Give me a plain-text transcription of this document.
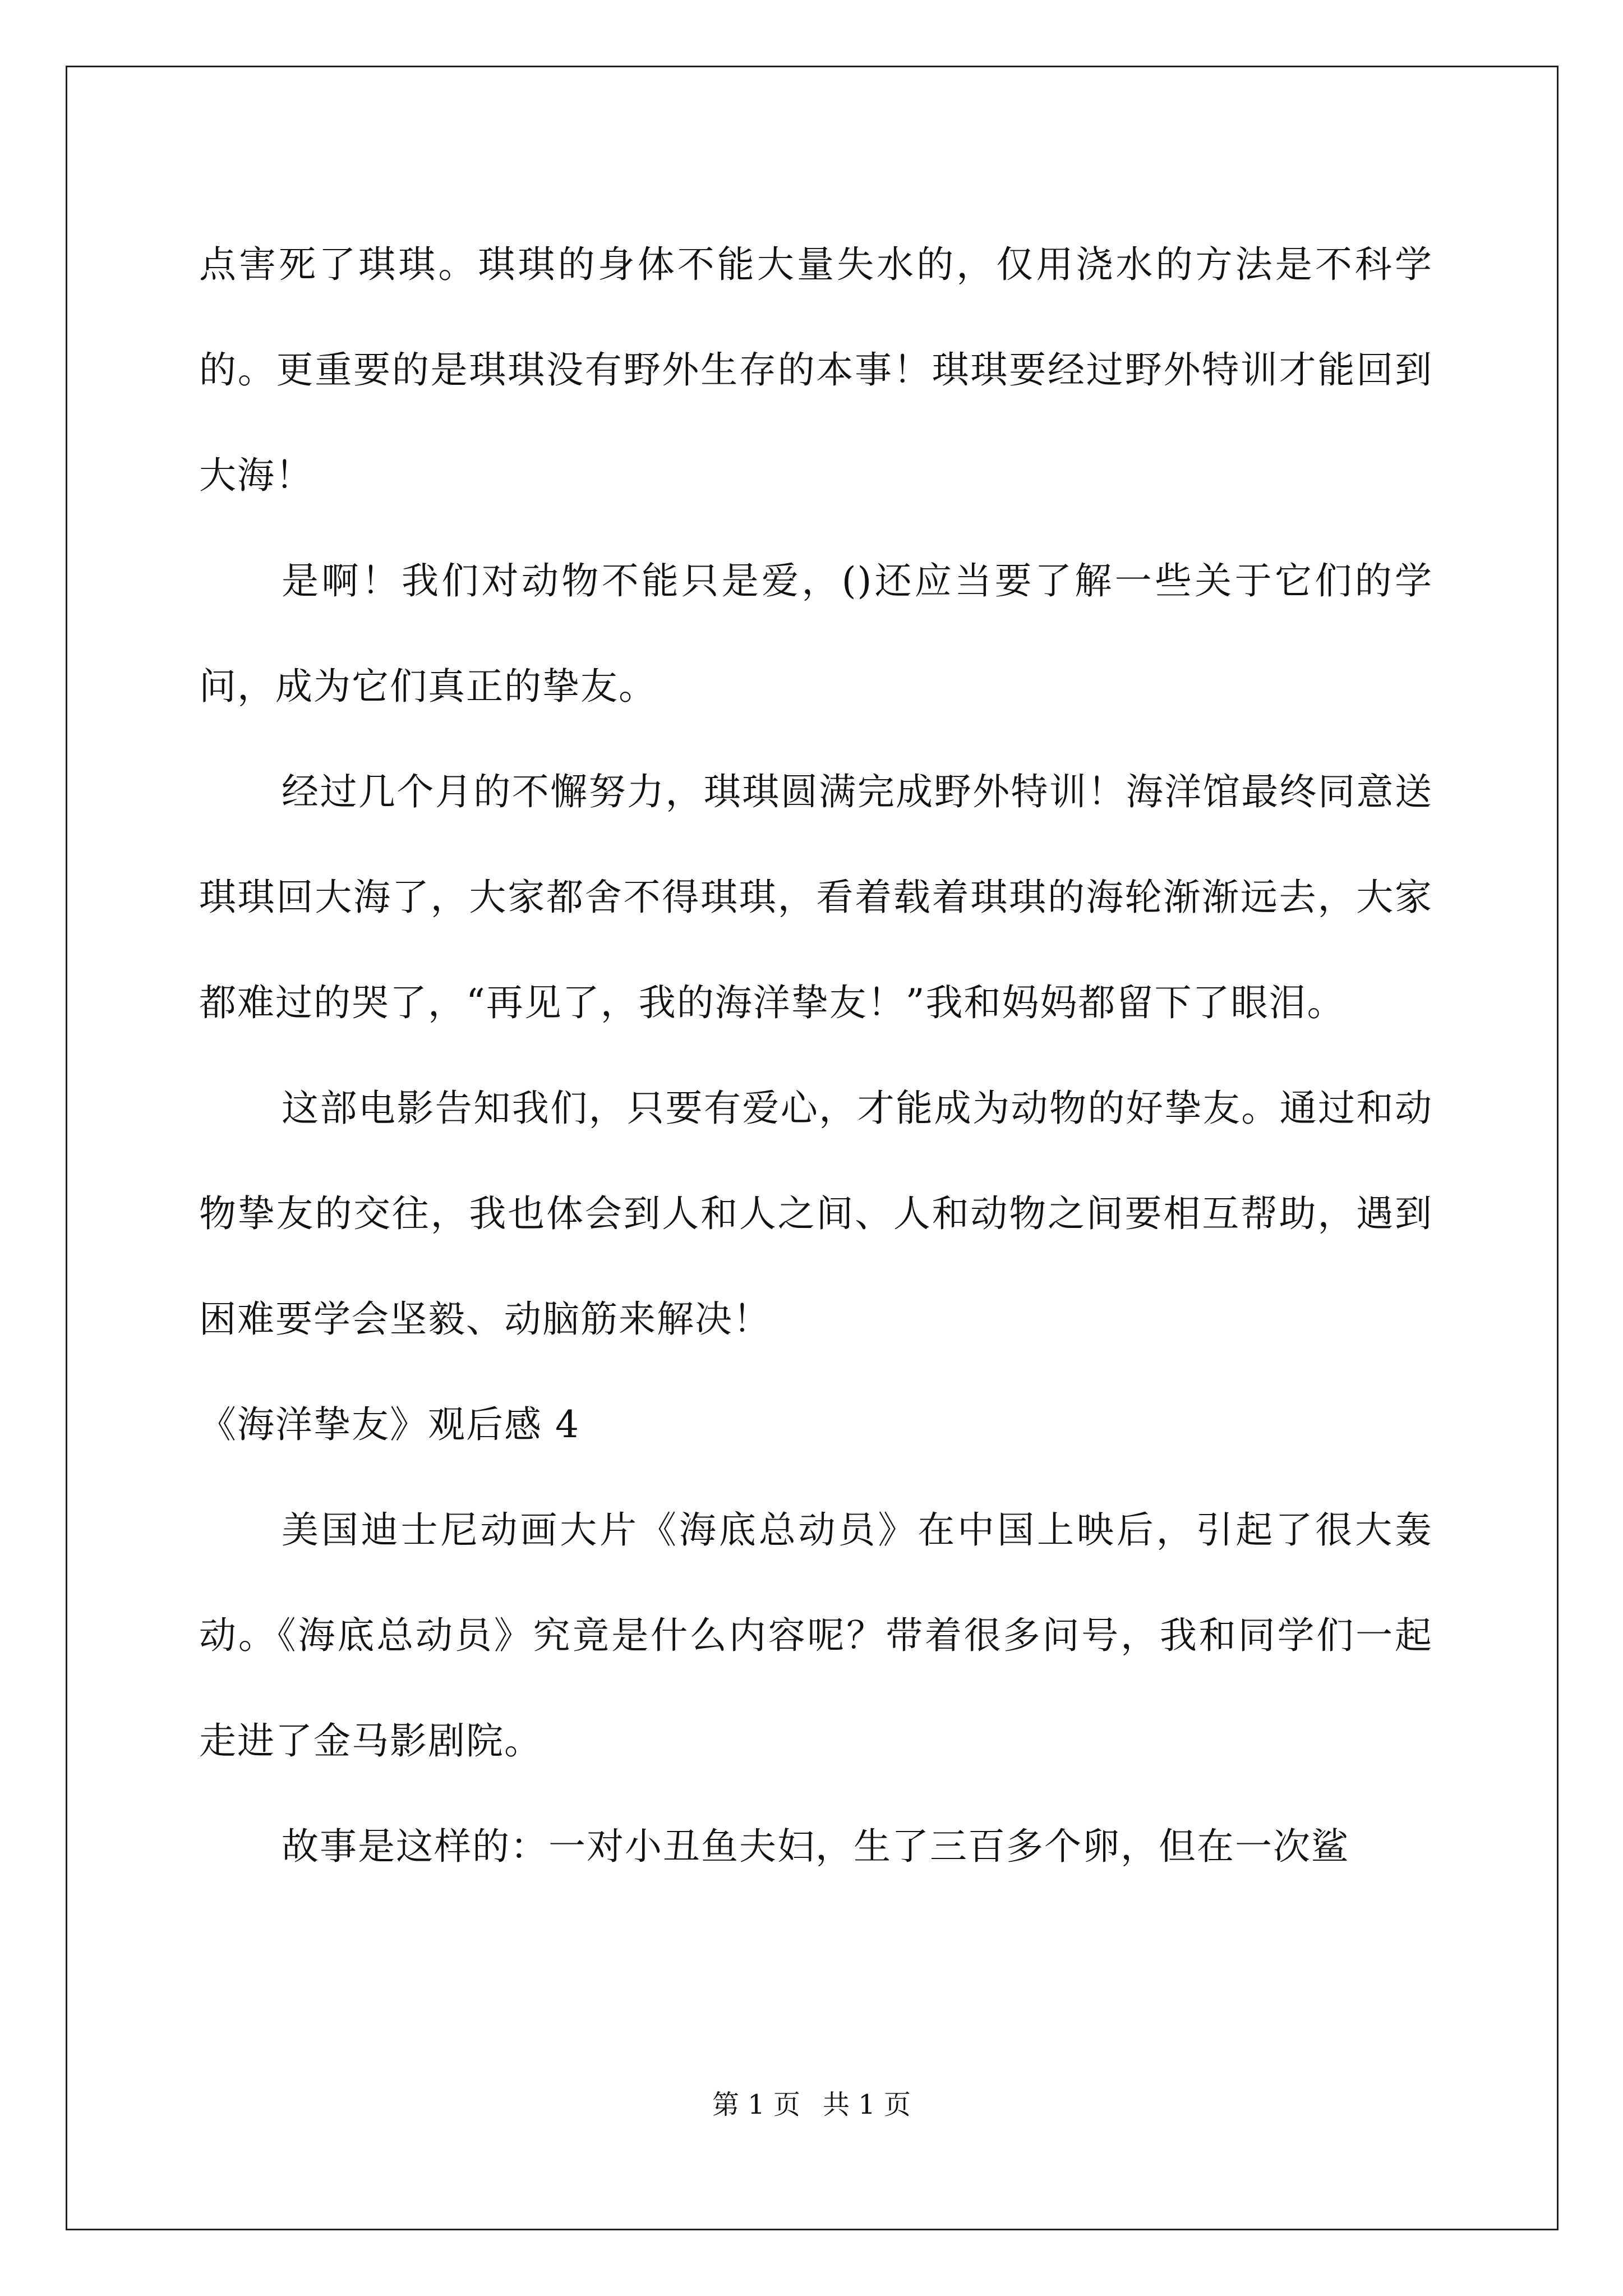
点害死了琪琪。琪琪的身体不能大量失水的，仅用浇水的方法是不科学的。更重要的是琪琪没有野外生存的本事！琪琪要经过野外特训才能回到大海！

是啊！我们对动物不能只是爱，()还应当要了解一些关于它们的学问，成为它们真正的挚友。

经过几个月的不懈努力，琪琪圆满完成野外特训！海洋馆最终同意送琪琪回大海了，大家都舍不得琪琪，看着载着琪琪的海轮渐渐远去，大家都难过的哭了，“再见了，我的海洋挚友！”我和妈妈都留下了眼泪。

这部电影告知我们，只要有爱心，才能成为动物的好挚友。通过和动物挚友的交往，我也体会到人和人之间、人和动物之间要相互帮助，遇到困难要学会坚毅、动脑筋来解决！

《海洋挚友》观后感 4

美国迪士尼动画大片《海底总动员》在中国上映后，引起了很大轰动。《海底总动员》究竟是什么内容呢？带着很多问号，我和同学们一起走进了金马影剧院。

故事是这样的：一对小丑鱼夫妇，生了三百多个卵，但在一次鲨

第 1 页 共 1 页
